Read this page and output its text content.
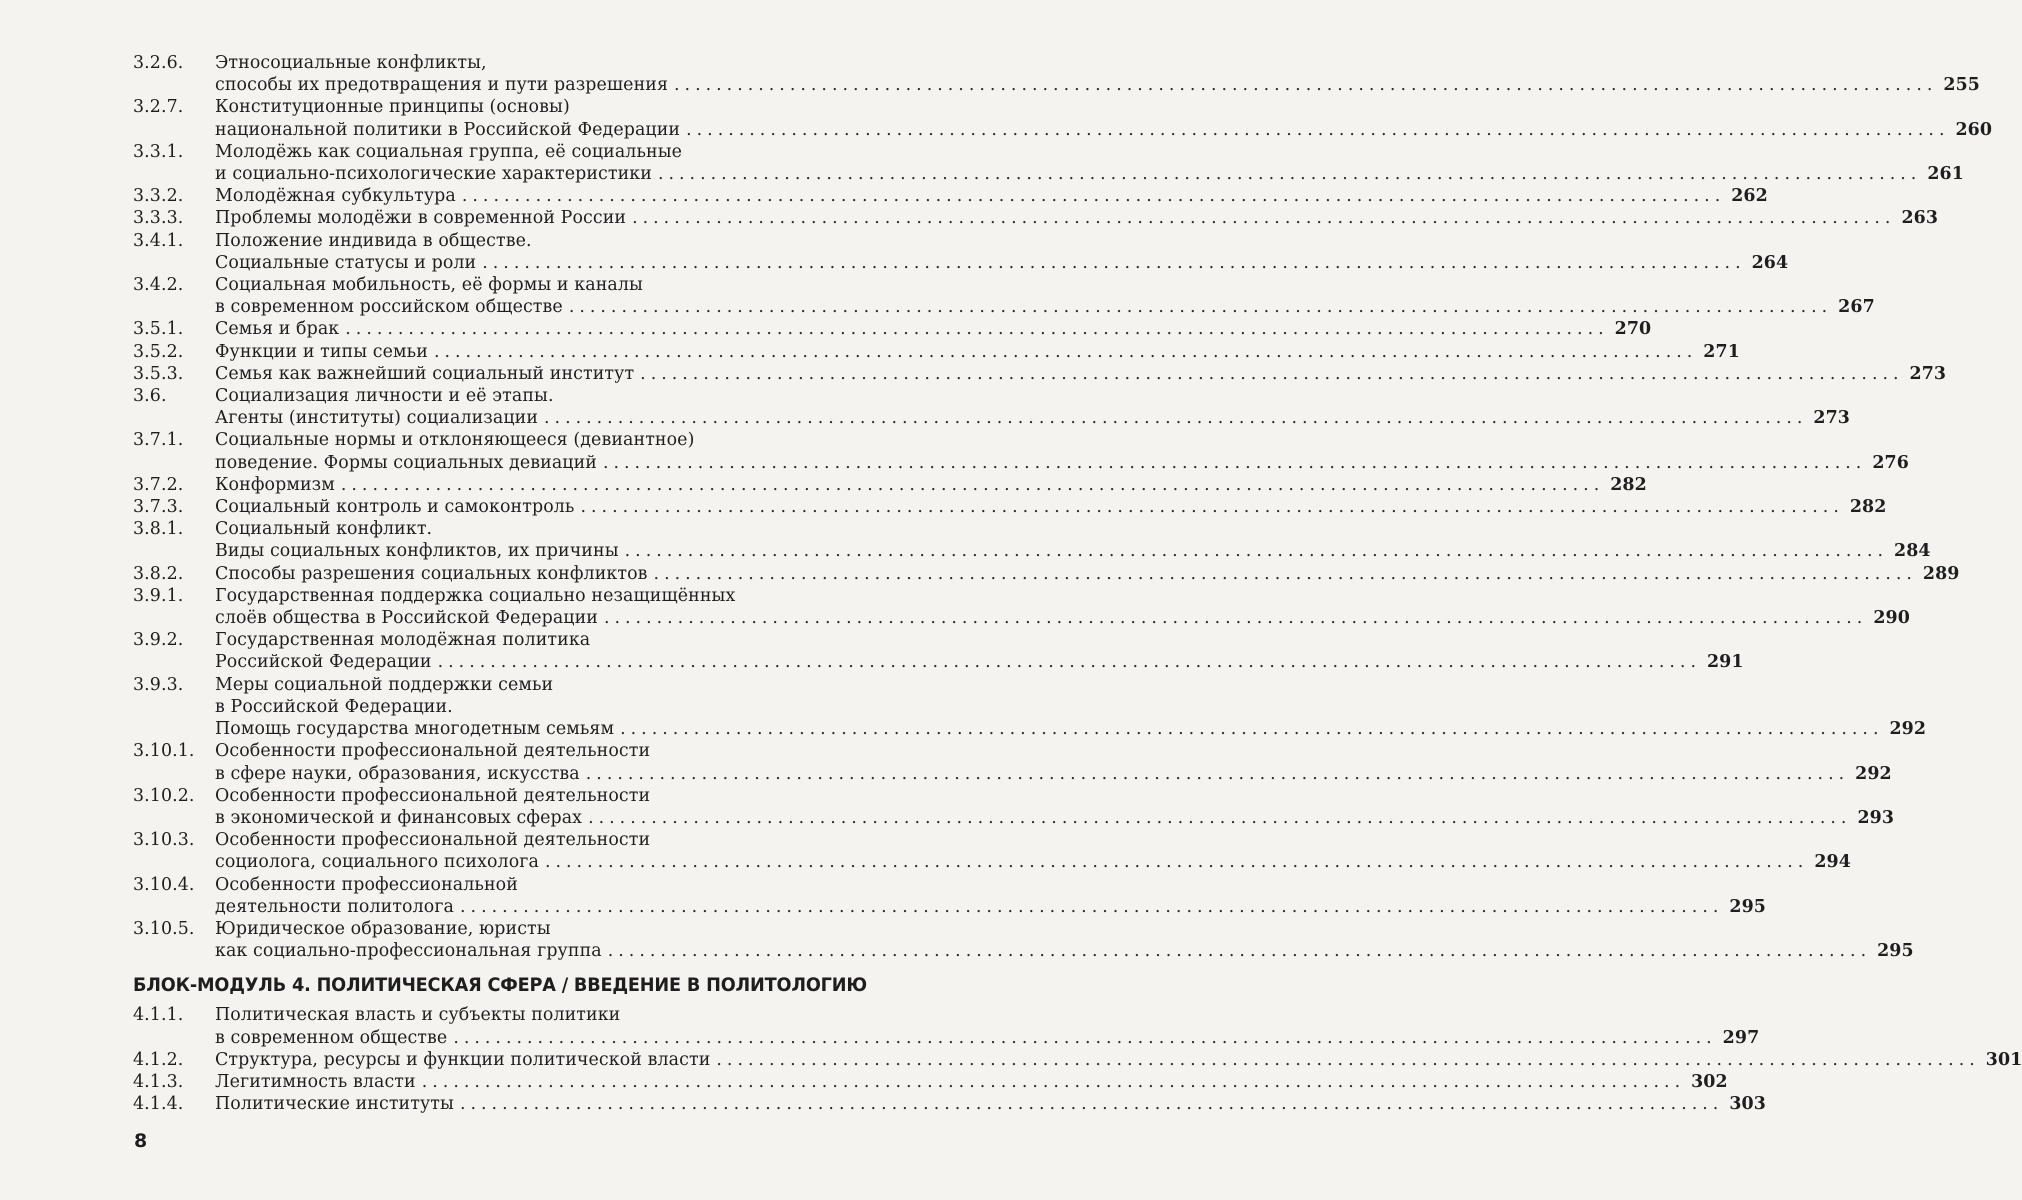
3.2.6.	Этносоциальные конфликты,
способы их предотвращения и пути разрешения ........................................................................................................................ 255
3.2.7.	Конституционные принципы (основы)
национальной политики в Российской Федерации ........................................................................................................................ 260
3.3.1.	Молодёжь как социальная группа, её социальные
и социально-психологические характеристики ........................................................................................................................ 261
3.3.2.	Молодёжная субкультура ........................................................................................................................ 262
3.3.3.	Проблемы молодёжи в современной России ........................................................................................................................ 263
3.4.1.	Положение индивида в обществе.
Социальные статусы и роли ........................................................................................................................ 264
3.4.2.	Социальная мобильность, её формы и каналы
в современном российском обществе ........................................................................................................................ 267
3.5.1.	Семья и брак ........................................................................................................................ 270
3.5.2.	Функции и типы семьи ........................................................................................................................ 271
3.5.3.	Семья как важнейший социальный институт ........................................................................................................................ 273
3.6.	Социализация личности и её этапы.
Агенты (институты) социализации ........................................................................................................................ 273
3.7.1.	Социальные нормы и отклоняющееся (девиантное)
поведение. Формы социальных девиаций ........................................................................................................................ 276
3.7.2.	Конформизм ........................................................................................................................ 282
3.7.3.	Социальный контроль и самоконтроль ........................................................................................................................ 282
3.8.1.	Социальный конфликт.
Виды социальных конфликтов, их причины ........................................................................................................................ 284
3.8.2.	Способы разрешения социальных конфликтов ........................................................................................................................ 289
3.9.1.	Государственная поддержка социально незащищённых
слоёв общества в Российской Федерации ........................................................................................................................ 290
3.9.2.	Государственная молодёжная политика
Российской Федерации ........................................................................................................................ 291
3.9.3.	Меры социальной поддержки семьи
в Российской Федерации.
Помощь государства многодетным семьям ........................................................................................................................ 292
3.10.1.	Особенности профессиональной деятельности
в сфере науки, образования, искусства ........................................................................................................................ 292
3.10.2.	Особенности профессиональной деятельности
в экономической и финансовых сферах ........................................................................................................................ 293
3.10.3.	Особенности профессиональной деятельности
социолога, социального психолога ........................................................................................................................ 294
3.10.4.	Особенности профессиональной
деятельности политолога ........................................................................................................................ 295
3.10.5.	Юридическое образование, юристы
как социально-профессиональная группа ........................................................................................................................ 295
БЛОК-МОДУЛЬ 4. ПОЛИТИЧЕСКАЯ СФЕРА / ВВЕДЕНИЕ В ПОЛИТОЛОГИЮ
4.1.1.	Политическая власть и субъекты политики
в современном обществе ........................................................................................................................ 297
4.1.2.	Структура, ресурсы и функции политической власти ........................................................................................................................ 301
4.1.3.	Легитимность власти ........................................................................................................................ 302
4.1.4.	Политические институты ........................................................................................................................ 303
8
